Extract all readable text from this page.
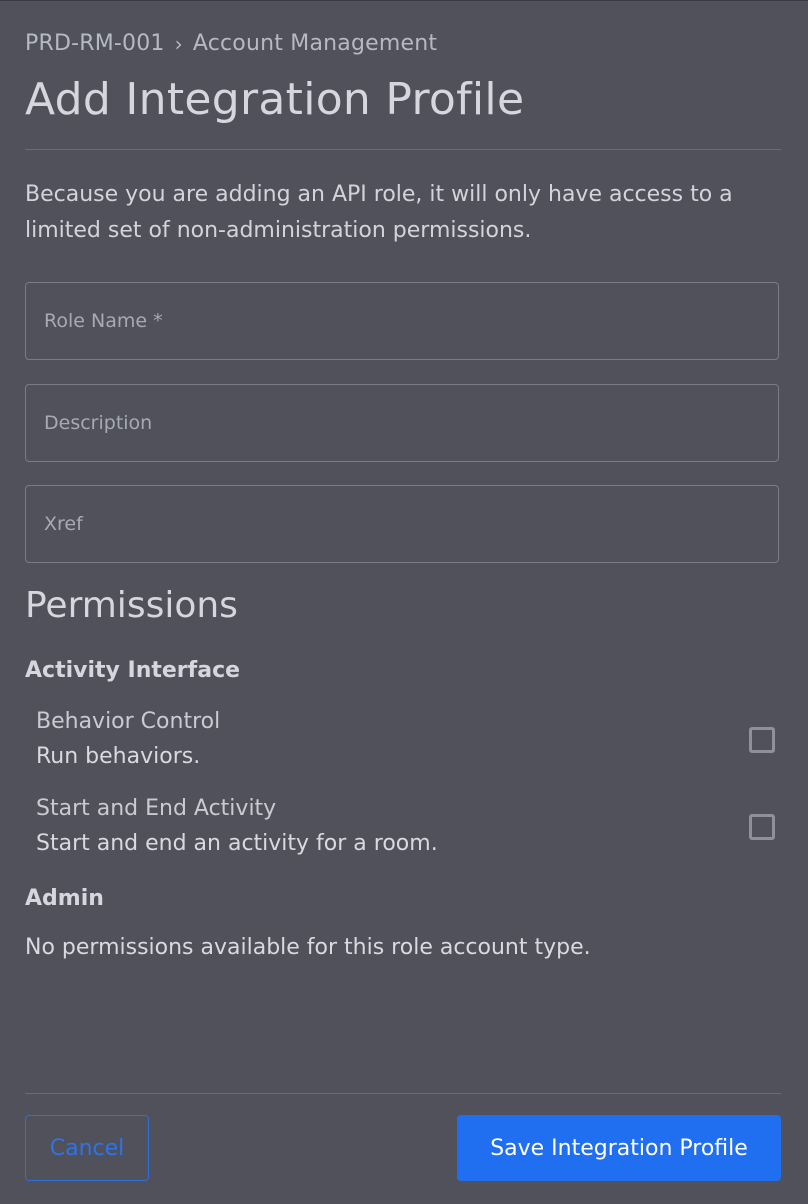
PRD-RM-001 › Account Management
Add Integration Profile

Because you are adding an API role, it will only have access to a limited set of non-administration permissions.

Role Name *
Description
Xref
Permissions
Activity Interface
Behavior Control
Run behaviors.
Start and End Activity
Start and end an activity for a room.
Admin
No permissions available for this role account type.
Cancel	Save Integration Profile
